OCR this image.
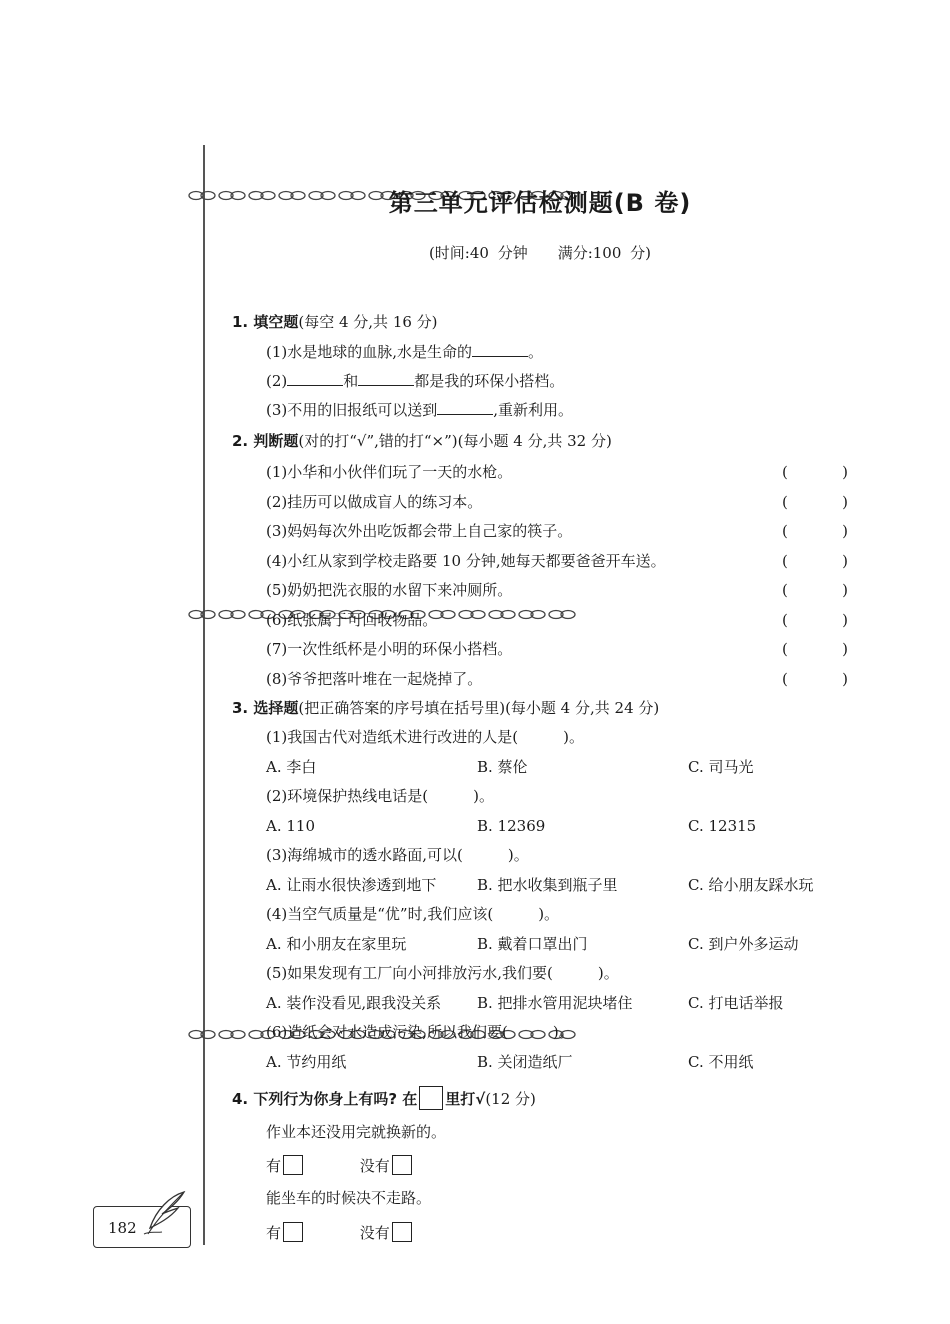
第三单元评估检测题(B 卷)
(时间:40 分钟　　满分:100 分)
1. 填空题(每空 4 分,共 16 分)
(1)水是地球的血脉,水是生命的	。
(2)	和	都是我的环保小搭档。
(3)不用的旧报纸可以送到	,重新利用。
2. 判断题(对的打“√”,错的打“×”)(每小题 4 分,共 32 分)
(1)小华和小伙伴们玩了一天的水枪。	(	)
(2)挂历可以做成盲人的练习本。	(	)
(3)妈妈每次外出吃饭都会带上自己家的筷子。	(	)
(4)小红从家到学校走路要 10 分钟,她每天都要爸爸开车送。	(	)
(5)奶奶把洗衣服的水留下来冲厕所。	(	)
(6)纸张属于可回收物品。	(	)
(7)一次性纸杯是小明的环保小搭档。	(	)
(8)爷爷把落叶堆在一起烧掉了。	(	)
3. 选择题(把正确答案的序号填在括号里)(每小题 4 分,共 24 分)
(1)我国古代对造纸术进行改进的人是(　　　)。
A. 李白	B. 蔡伦	C. 司马光
(2)环境保护热线电话是(　　　)。
A. 110	B. 12369	C. 12315
(3)海绵城市的透水路面,可以(　　　)。
A. 让雨水很快渗透到地下	B. 把水收集到瓶子里	C. 给小朋友踩水玩
(4)当空气质量是“优”时,我们应该(　　　)。
A. 和小朋友在家里玩	B. 戴着口罩出门	C. 到户外多运动
(5)如果发现有工厂向小河排放污水,我们要(　　　)。
A. 装作没看见,跟我没关系 B. 把排水管用泥块堵住	C. 打电话举报
(6)造纸会对水造成污染,所以我们要(　　　)。
A. 节约用纸	B. 关闭造纸厂	C. 不用纸
4. 下列行为你身上有吗? 在 里打√(12 分)
作业本还没用完就换新的。
有	没有
能坐车的时候决不走路。
有	没有
182
